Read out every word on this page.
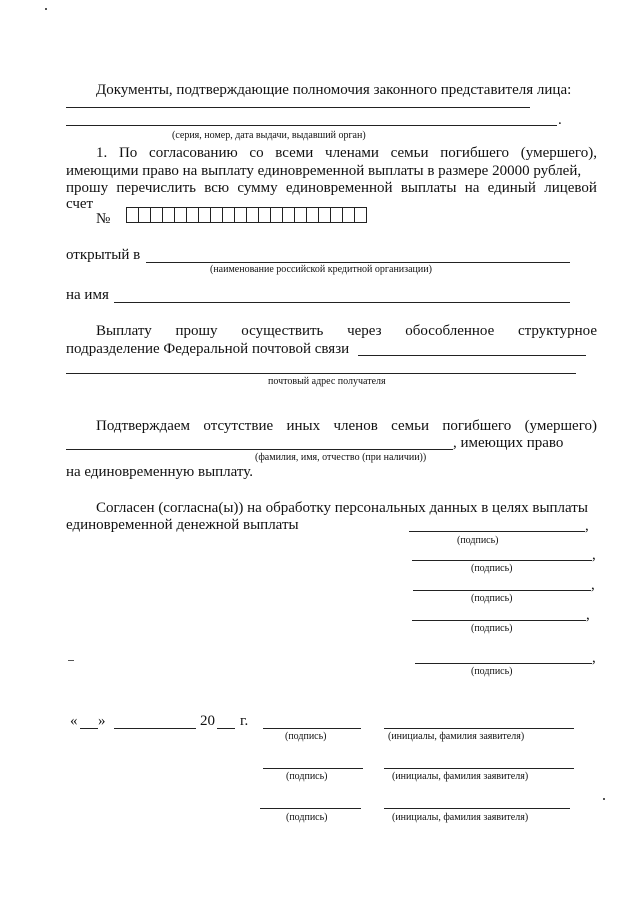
Документы, подтверждающие полномочия законного представителя лица:
.
(серия, номер, дата выдачи, выдавший орган)
1. По согласованию со всеми членами семьи погибшего (умершего),
имеющими право на выплату единовременной выплаты в размере 20000 рублей,
прошу перечислить всю сумму единовременной выплаты на единый лицевой
счет
№
открытый в
(наименование российской кредитной организации)
на имя
Выплату прошу осуществить через обособленное структурное
подразделение Федеральной почтовой связи
почтовый адрес получателя
Подтверждаем отсутствие иных членов семьи погибшего (умершего)
, имеющих право
(фамилия, имя, отчество (при наличии))
на единовременную выплату.
Согласен (согласна(ы)) на обработку персональных данных в целях выплаты
единовременной денежной выплаты	,
(подпись)
,
(подпись)
,
(подпись)
,
(подпись)
,
(подпись)
« »	20 г.
(подпись)	(инициалы, фамилия заявителя)
(подпись)	(инициалы, фамилия заявителя)
(подпись)	(инициалы, фамилия заявителя)
